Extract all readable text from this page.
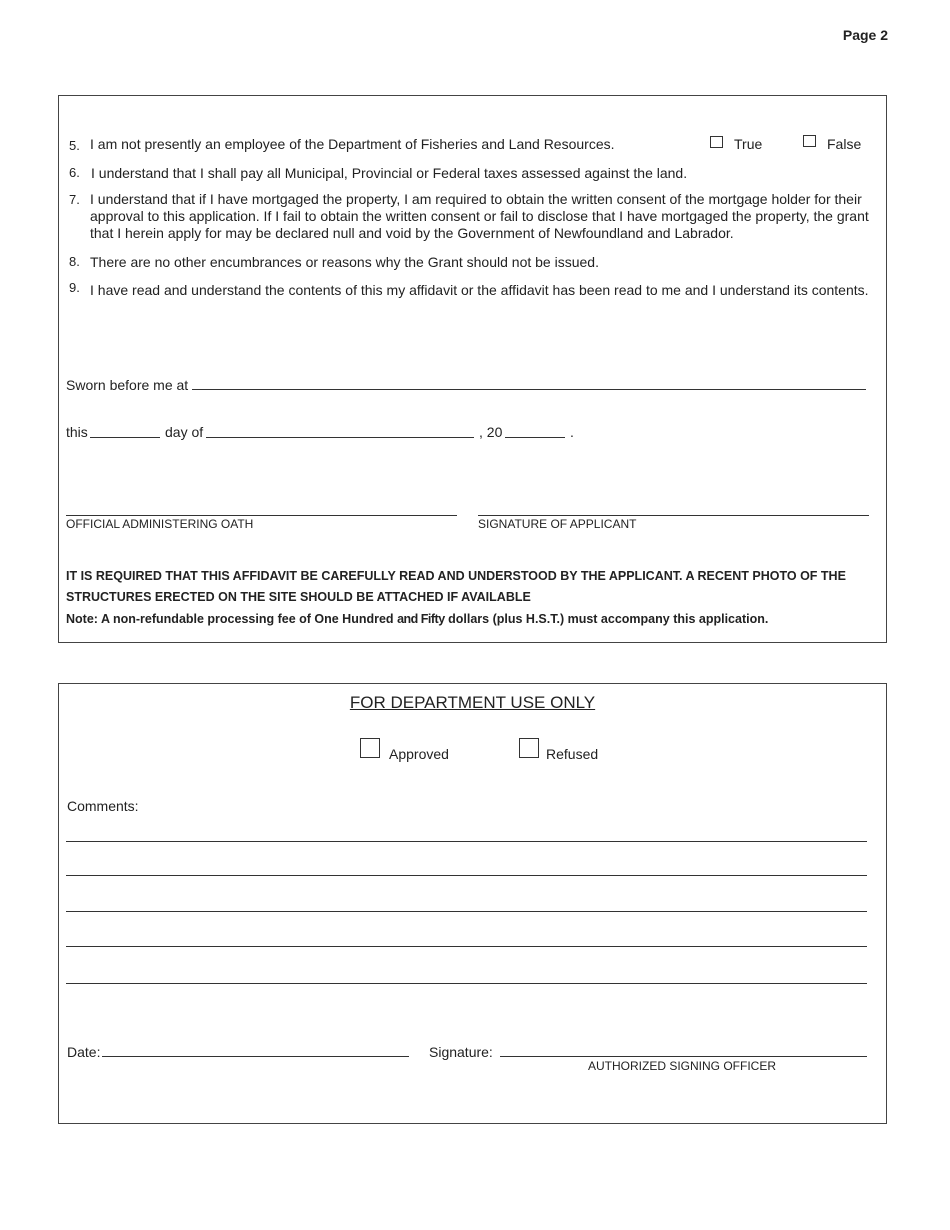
Page 2
5. I am not presently an employee of the Department of Fisheries and Land Resources.	True	False
6. I understand that I shall pay all Municipal, Provincial or Federal taxes assessed against the land.
7. I understand that if I have mortgaged the property, I am required to obtain the written consent of the mortgage holder for their
approval to this application. If I fail to obtain the written consent or fail to disclose that I have mortgaged the property, the grant
that I herein apply for may be declared null and void by the Government of Newfoundland and Labrador.
8. There are no other encumbrances or reasons why the Grant should not be issued.
9. I have read and understand the contents of this my affidavit or the affidavit has been read to me and I understand its contents.
Sworn before me at
this	day of	, 20	.
OFFICIAL ADMINISTERING OATH	SIGNATURE OF APPLICANT
IT IS REQUIRED THAT THIS AFFIDAVIT BE CAREFULLY READ AND UNDERSTOOD BY THE APPLICANT. A RECENT PHOTO OF THE
STRUCTURES ERECTED ON THE SITE SHOULD BE ATTACHED IF AVAILABLE
Note: A non-refundable processing fee of One Hundred and Fifty dollars (plus H.S.T.) must accompany this application.
FOR DEPARTMENT USE ONLY
Approved	Refused
Comments:
Date:	Signature:
AUTHORIZED SIGNING OFFICER
